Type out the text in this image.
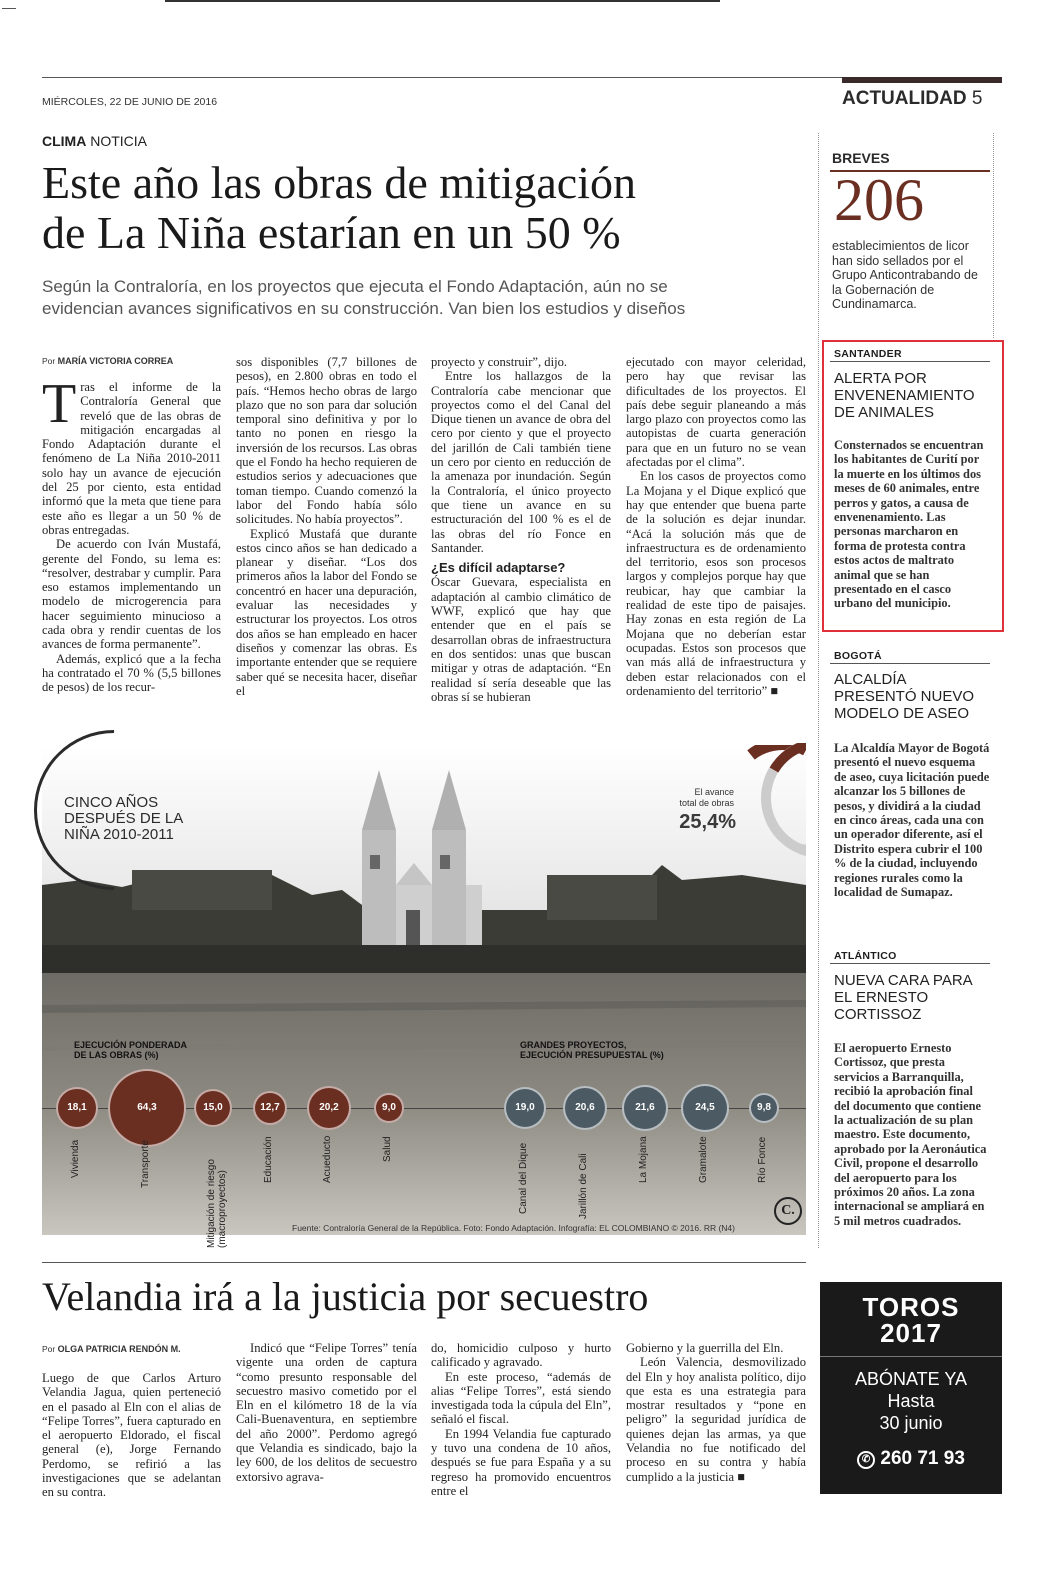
MIÉRCOLES, 22 DE JUNIO DE 2016	ACTUALIDAD 5
CLIMA NOTICIA
Este año las obras de mitigación
de La Niña estarían en un 50 %
Según la Contraloría, en los proyectos que ejecuta el Fondo Adaptación, aún no se
evidencian avances significativos en su construcción. Van bien los estudios y diseños
Por MARÍA VICTORIA CORREA
T ras el informe de la Contraloría General que reveló que de las obras de mitigación encargadas al Fondo Adaptación durante el fenómeno de La Niña 2010-2011 solo hay un avance de ejecución del 25 por ciento, esta entidad informó que la meta que tiene para este año es llegar a un 50 % de obras entregadas.

De acuerdo con Iván Mustafá, gerente del Fondo, su lema es: “resolver, destrabar y cumplir. Para eso estamos implementando un modelo de microgerencia para hacer seguimiento minucioso a cada obra y rendir cuentas de los avances de forma permanente”.

Además, explicó que a la fecha ha contratado el 70 % (5,5 billones de pesos) de los recur-

sos disponibles (7,7 billones de pesos), en 2.800 obras en todo el país. “Hemos hecho obras de largo plazo que no son para dar solución temporal sino definitiva y por lo tanto no ponen en riesgo la inversión de los recursos. Las obras que el Fondo ha hecho requieren de estudios serios y adecuaciones que toman tiempo. Cuando comenzó la labor del Fondo había sólo solicitudes. No había proyectos”.

Explicó Mustafá que durante estos cinco años se han dedicado a planear y diseñar. “Los dos primeros años la labor del Fondo se concentró en hacer una depuración, evaluar las necesidades y estructurar los proyectos. Los otros dos años se han empleado en hacer diseños y comenzar las obras. Es importante entender que se requiere saber qué se necesita hacer, diseñar el

proyecto y construir”, dijo.

Entre los hallazgos de la Contraloría cabe mencionar que proyectos como el del Canal del Dique tienen un avance de obra del cero por ciento y que el proyecto del jarillón de Cali también tiene un cero por ciento en reducción de la amenaza por inundación. Según la Contraloría, el único proyecto que tiene un avance en su estructuración del 100 % es el de las obras del río Fonce en Santander.

¿Es difícil adaptarse?

Óscar Guevara, especialista en adaptación al cambio climático de WWF, explicó que hay que entender que en el país se desarrollan obras de infraestructura en dos sentidos: unas que buscan mitigar y otras de adaptación. “En realidad sí sería deseable que las obras sí se hubieran

ejecutado con mayor celeridad, pero hay que revisar las dificultades de los proyectos. El país debe seguir planeando a más largo plazo con proyectos como las autopistas de cuarta generación para que en un futuro no se vean afectadas por el clima”.

En los casos de proyectos como La Mojana y el Dique explicó que hay que entender que buena parte de la solución es dejar inundar. “Acá la solución más que de infraestructura es de ordenamiento del territorio, esos son procesos largos y complejos porque hay que reubicar, hay que cambiar la realidad de este tipo de paisajes. Hay zonas en esta región de La Mojana que no deberían estar ocupadas. Estos son procesos que van más allá de infraestructura y deben estar relacionados con el ordenamiento del territorio” ■

CINCO AÑOS
DESPUÉS DE LA
NIÑA 2010-2011
El avance
total de obras
25,4%
EJECUCIÓN PONDERADA
DE LAS OBRAS (%)
GRANDES PROYECTOS,
EJECUCIÓN PRESUPUESTAL (%)
18,1
Vivienda
64,3
Transporte
15,0
Mitigación de riesgo (macroproyectos)
12,7
Educación
20,2
Acueducto
9,0
Salud
19,0
Canal del Dique
20,6
Jarillón de Cali
21,6
La Mojana
24,5
Gramalote
9,8
Río Fonce
Fuente: Contraloría General de la República. Foto: Fondo Adaptación. Infografía: EL COLOMBIANO © 2016. RR (N4)
C.
BREVES
206
establecimientos de licor han sido sellados por el Grupo Anticontrabando de la Gobernación de Cundinamarca.
SANTANDER
ALERTA POR ENVENENAMIENTO DE ANIMALES
Consternados se encuentran los habitantes de Curití por la muerte en los últimos dos meses de 60 animales, entre perros y gatos, a causa de envenenamiento. Las personas marcharon en forma de protesta contra estos actos de maltrato animal que se han presentado en el casco urbano del municipio.
BOGOTÁ
ALCALDÍA PRESENTÓ NUEVO MODELO DE ASEO
La Alcaldía Mayor de Bogotá presentó el nuevo esquema de aseo, cuya licitación puede alcanzar los 5 billones de pesos, y dividirá a la ciudad en cinco áreas, cada una con un operador diferente, así el Distrito espera cubrir el 100 % de la ciudad, incluyendo regiones rurales como la localidad de Sumapaz.
ATLÁNTICO
NUEVA CARA PARA EL ERNESTO CORTISSOZ
El aeropuerto Ernesto Cortissoz, que presta servicios a Barranquilla, recibió la aprobación final del documento que contiene la actualización de su plan maestro. Este documento, aprobado por la Aeronáutica Civil, propone el desarrollo del aeropuerto para los próximos 20 años. La zona internacional se ampliará en 5 mil metros cuadrados.
Velandia irá a la justicia por secuestro
Por OLGA PATRICIA RENDÓN M.

Luego de que Carlos Arturo Velandia Jagua, quien perteneció en el pasado al Eln con el alias de “Felipe Torres”, fuera capturado en el aeropuerto Eldorado, el fiscal general (e), Jorge Fernando Perdomo, se refirió a las investigaciones que se adelantan en su contra.

Indicó que “Felipe Torres” tenía vigente una orden de captura “como presunto responsable del secuestro masivo cometido por el Eln en el kilómetro 18 de la vía Cali-Buenaventura, en septiembre del año 2000”. Perdomo agregó que Velandia es sindicado, bajo la ley 600, de los delitos de secuestro extorsivo agrava-

do, homicidio culposo y hurto calificado y agravado.

En este proceso, “además de alias “Felipe Torres”, está siendo investigada toda la cúpula del Eln”, señaló el fiscal.

En 1994 Velandia fue capturado y tuvo una condena de 10 años, después se fue para España y a su regreso ha promovido encuentros entre el

Gobierno y la guerrilla del Eln.

León Valencia, desmovilizado del Eln y hoy analista político, dijo que esta es una estrategia para mostrar resultados y “pone en peligro” la seguridad jurídica de quienes dejan las armas, ya que Velandia no fue notificado del proceso en su contra y había cumplido a la justicia ■

TOROS
2017
ABÓNATE YA
Hasta
30 junio
✆ 260 71 93
